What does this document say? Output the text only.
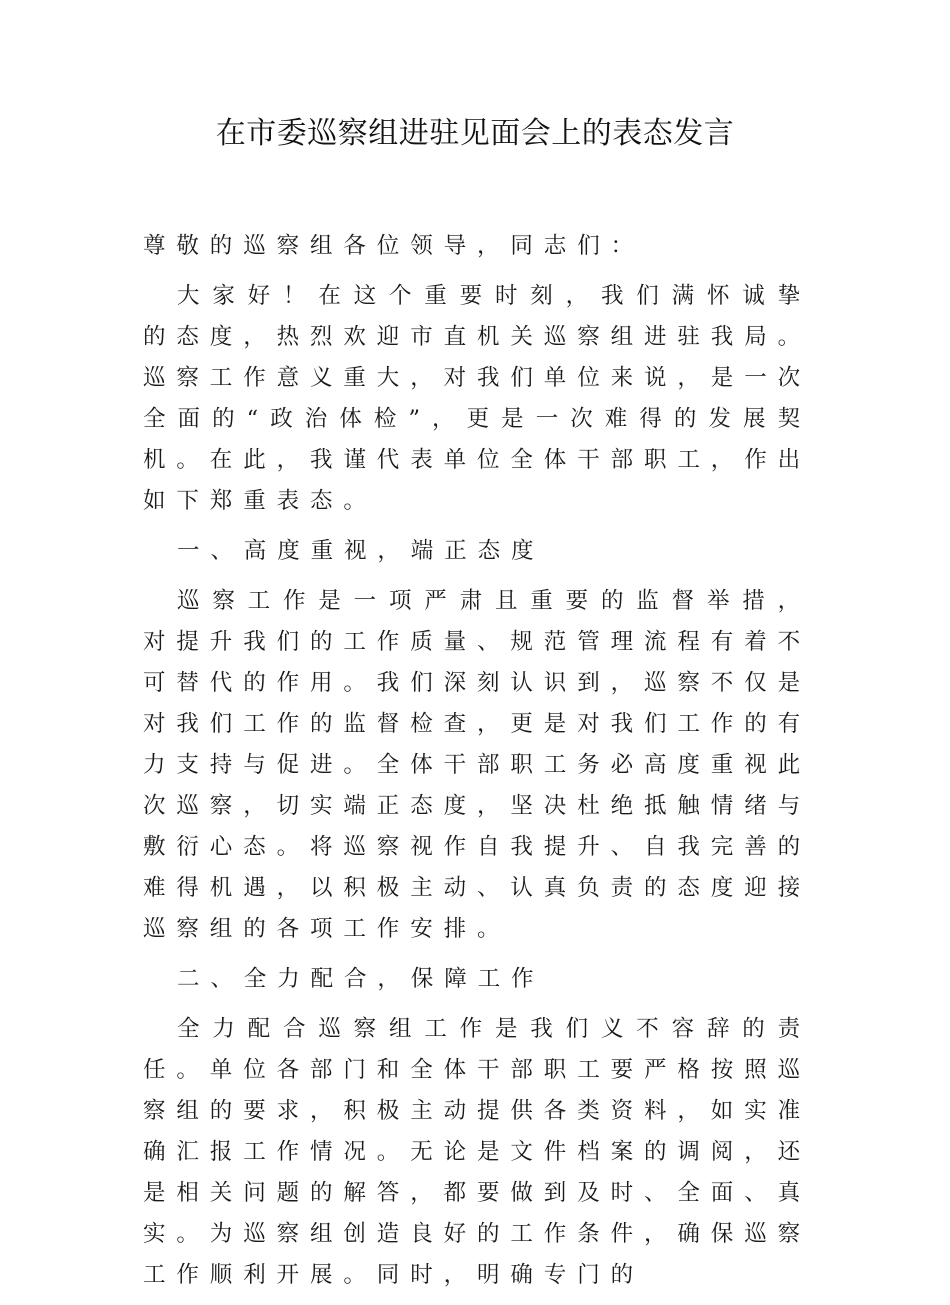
在市委巡察组进驻见面会上的表态发言

尊敬的巡察组各位领导，同志们：

大家好！在这个重要时刻，我们满怀诚挚的态度，热烈欢迎市直机关巡察组进驻我局。巡察工作意义重大，对我们单位来说，是一次全面的“政治体检”，更是一次难得的发展契机。在此，我谨代表单位全体干部职工，作出如下郑重表态。

一、高度重视，端正态度

巡察工作是一项严肃且重要的监督举措，对提升我们的工作质量、规范管理流程有着不可替代的作用。我们深刻认识到，巡察不仅是对我们工作的监督检查，更是对我们工作的有力支持与促进。全体干部职工务必高度重视此次巡察，切实端正态度，坚决杜绝抵触情绪与敷衍心态。将巡察视作自我提升、自我完善的难得机遇，以积极主动、认真负责的态度迎接巡察组的各项工作安排。

二、全力配合，保障工作

全力配合巡察组工作是我们义不容辞的责任。单位各部门和全体干部职工要严格按照巡察组的要求，积极主动提供各类资料，如实准确汇报工作情况。无论是文件档案的调阅，还是相关问题的解答，都要做到及时、全面、真实。为巡察组创造良好的工作条件，确保巡察工作顺利开展。同时，明确专门的
